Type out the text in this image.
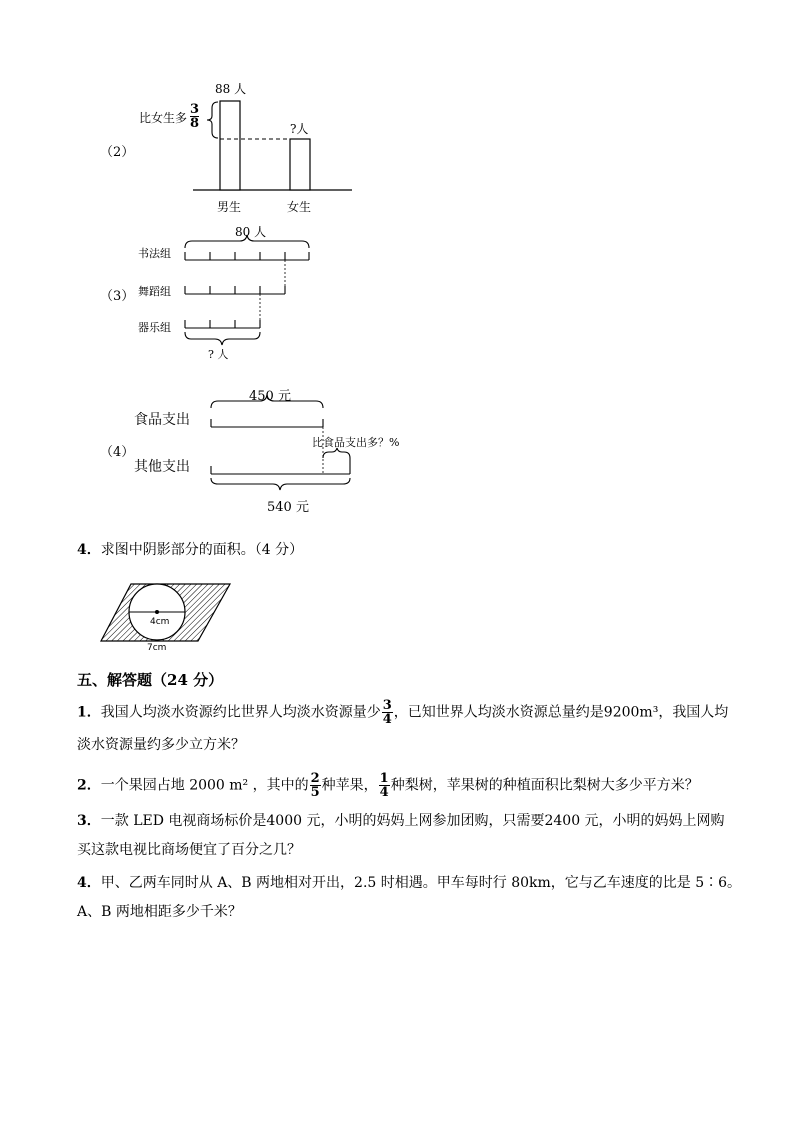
（2）
88 人
比女生多 $\frac{3}{8}$	?人
男生	女生
80 人
（3）
书法组
舞蹈组
器乐组
? 人
450 元
食品支出
比食品支出多？%
（4）
其他支出
540 元
4．求图中阴影部分的面积。（4 分）
4cm
7cm
五、解答题（24 分）
1．我国人均淡水资源约比世界人均淡水资源量少 $\frac{3}{4}$ ，已知世界人均淡水资源总量约是9200m³，我国人均
淡水资源量约多少立方米？
2．一个果园占地 2000 m² ，其中的 $\frac{2}{5}$ 种苹果， $\frac{1}{4}$ 种梨树，苹果树的种植面积比梨树大多少平方米？
3．一款 LED 电视商场标价是4000 元，小明的妈妈上网参加团购，只需要2400 元，小明的妈妈上网购
买这款电视比商场便宜了百分之几？
4．甲、乙两车同时从 A、B 两地相对开出，2.5 时相遇。甲车每时行 80km，它与乙车速度的比是 5∶6。
A、B 两地相距多少千米？
